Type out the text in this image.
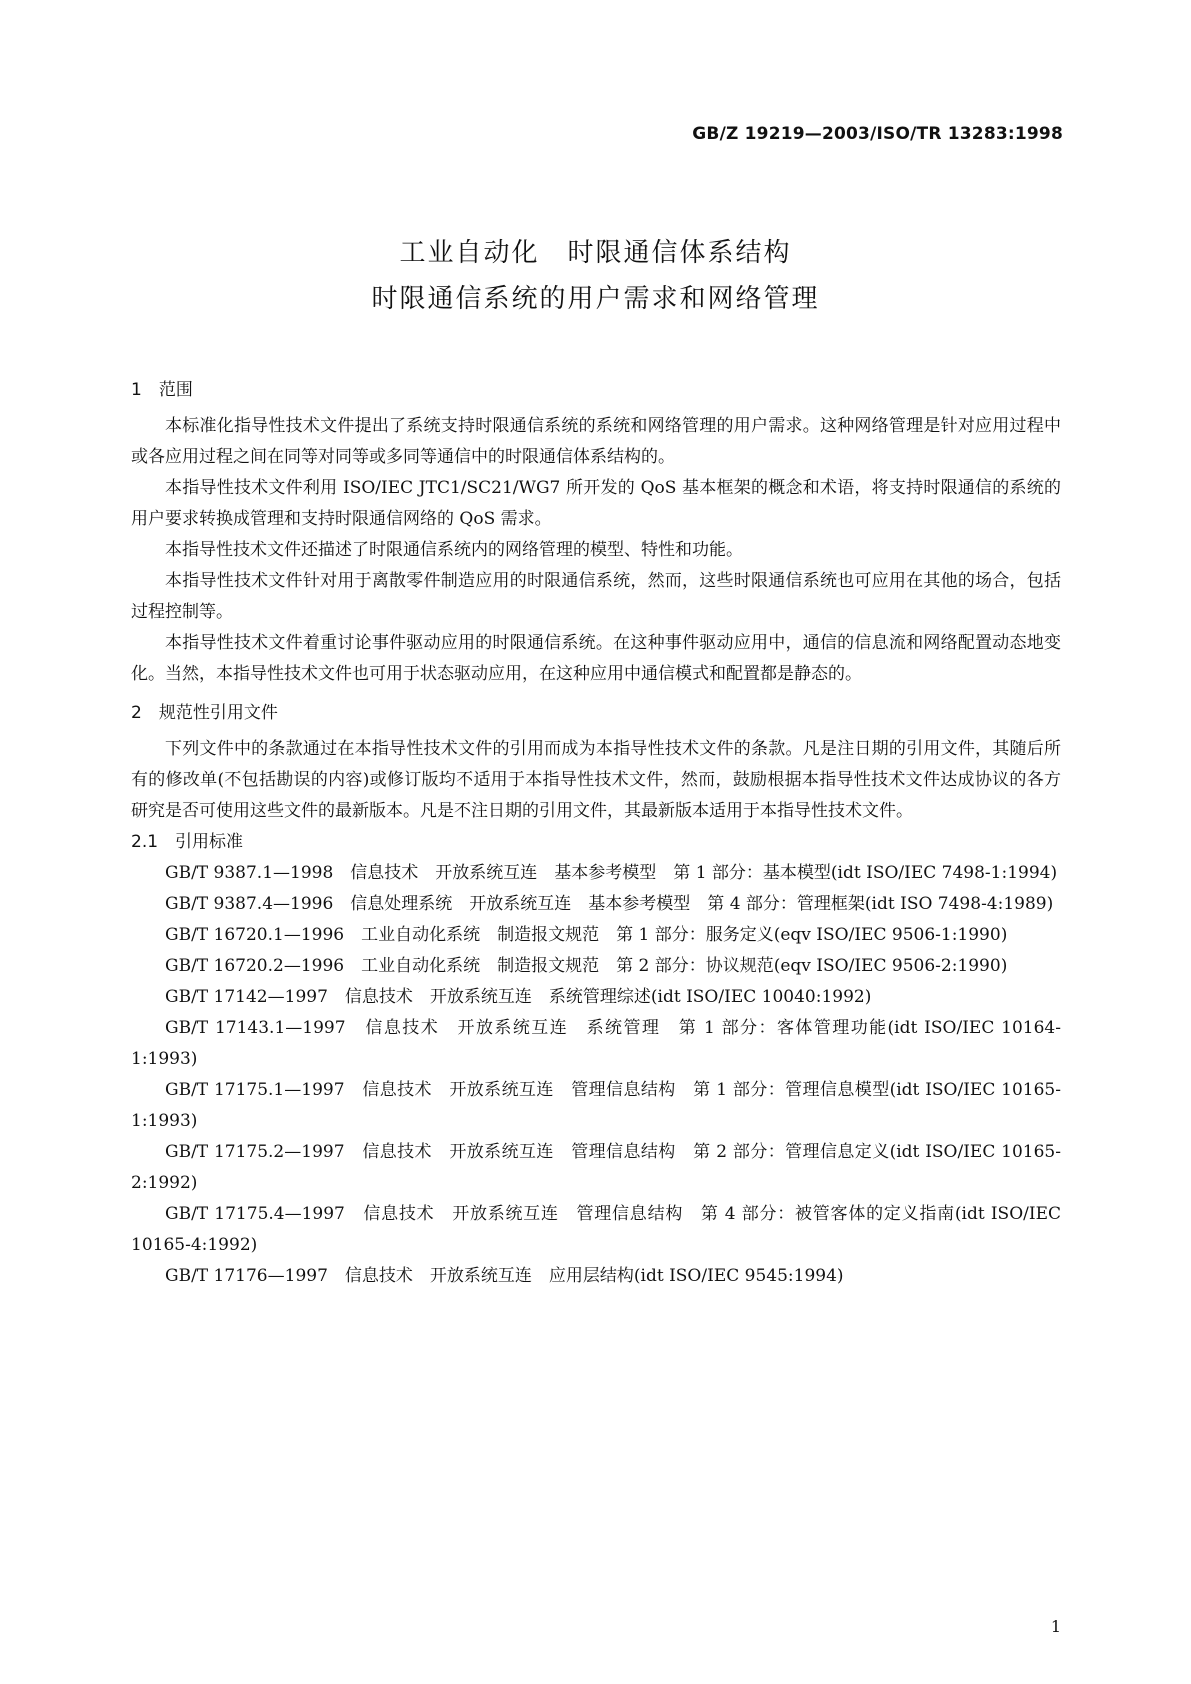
GB/Z 19219—2003/ISO/TR 13283:1998
工业自动化　时限通信体系结构
时限通信系统的用户需求和网络管理
1　范围

本标准化指导性技术文件提出了系统支持时限通信系统的系统和网络管理的用户需求。这种网络管理是针对应用过程中或各应用过程之间在同等对同等或多同等通信中的时限通信体系结构的。

本指导性技术文件利用 ISO/IEC JTC1/SC21/WG7 所开发的 QoS 基本框架的概念和术语，将支持时限通信的系统的用户要求转换成管理和支持时限通信网络的 QoS 需求。

本指导性技术文件还描述了时限通信系统内的网络管理的模型、特性和功能。

本指导性技术文件针对用于离散零件制造应用的时限通信系统，然而，这些时限通信系统也可应用在其他的场合，包括过程控制等。

本指导性技术文件着重讨论事件驱动应用的时限通信系统。在这种事件驱动应用中，通信的信息流和网络配置动态地变化。当然，本指导性技术文件也可用于状态驱动应用，在这种应用中通信模式和配置都是静态的。

2　规范性引用文件

下列文件中的条款通过在本指导性技术文件的引用而成为本指导性技术文件的条款。凡是注日期的引用文件，其随后所有的修改单(不包括勘误的内容)或修订版均不适用于本指导性技术文件，然而，鼓励根据本指导性技术文件达成协议的各方研究是否可使用这些文件的最新版本。凡是不注日期的引用文件，其最新版本适用于本指导性技术文件。

2.1　引用标准

GB/T 9387.1—1998　信息技术　开放系统互连　基本参考模型　第 1 部分：基本模型(idt ISO/IEC 7498-1:1994)

GB/T 9387.4—1996　信息处理系统　开放系统互连　基本参考模型　第 4 部分：管理框架(idt ISO 7498-4:1989)

GB/T 16720.1—1996　工业自动化系统　制造报文规范　第 1 部分：服务定义(eqv ISO/IEC 9506-1:1990)

GB/T 16720.2—1996　工业自动化系统　制造报文规范　第 2 部分：协议规范(eqv ISO/IEC 9506-2:1990)

GB/T 17142—1997　信息技术　开放系统互连　系统管理综述(idt ISO/IEC 10040:1992)

GB/T 17143.1—1997　信息技术　开放系统互连　系统管理　第 1 部分：客体管理功能(idt ISO/IEC 10164-1:1993)

GB/T 17175.1—1997　信息技术　开放系统互连　管理信息结构　第 1 部分：管理信息模型(idt ISO/IEC 10165-1:1993)

GB/T 17175.2—1997　信息技术　开放系统互连　管理信息结构　第 2 部分：管理信息定义(idt ISO/IEC 10165-2:1992)

GB/T 17175.4—1997　信息技术　开放系统互连　管理信息结构　第 4 部分：被管客体的定义指南(idt ISO/IEC 10165-4:1992)

GB/T 17176—1997　信息技术　开放系统互连　应用层结构(idt ISO/IEC 9545:1994)

1
